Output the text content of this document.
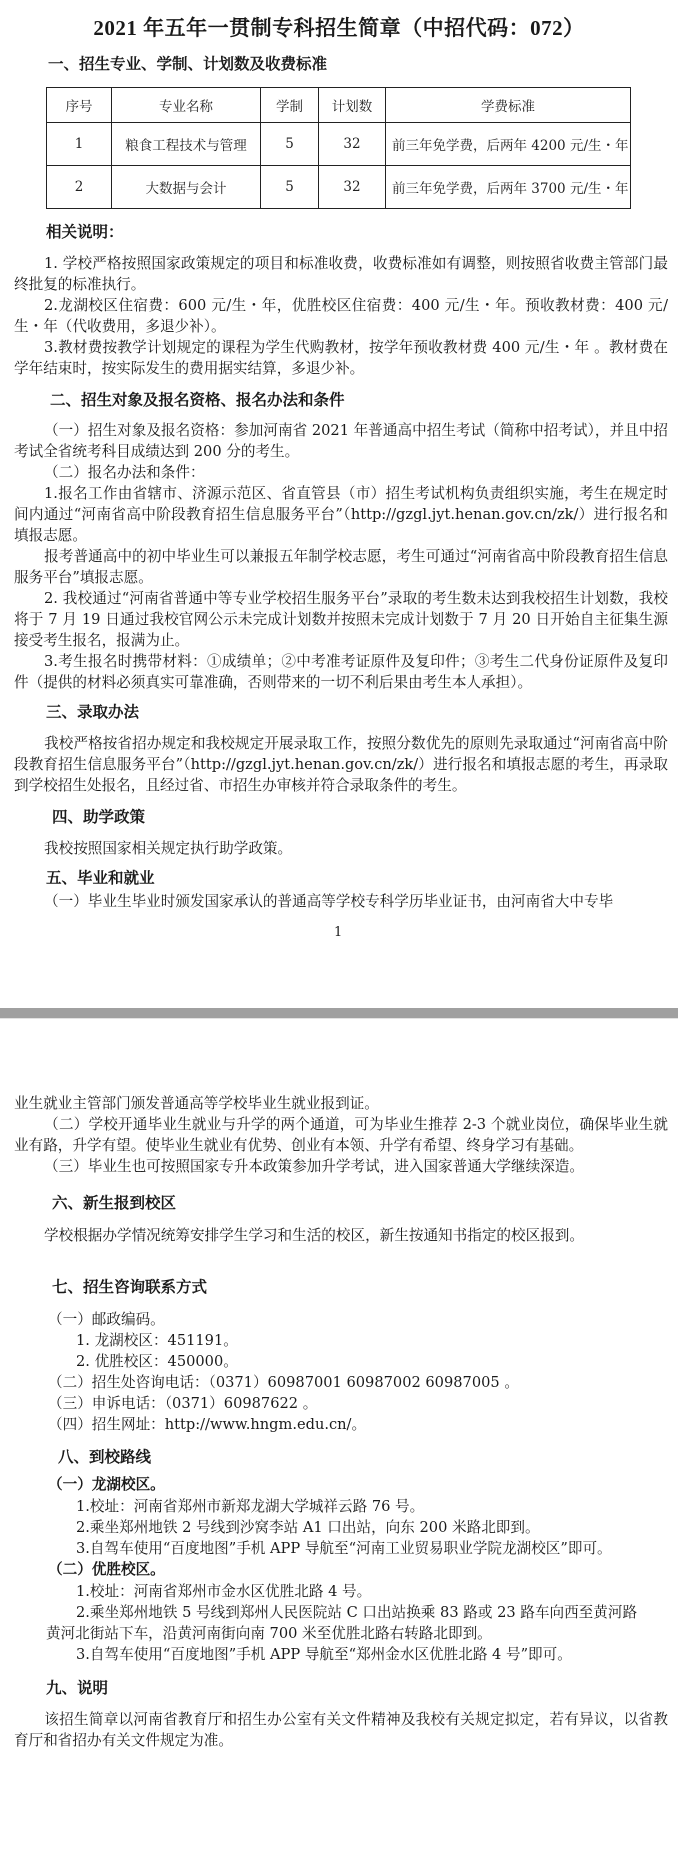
2021 年五年一贯制专科招生简章（中招代码：072）
一、招生专业、学制、计划数及收费标准
序号	专业名称	学制	计划数	学费标准
1	粮食工程技术与管理	5	32	前三年免学费，后两年 4200 元/生・年
2	大数据与会计	5	32	前三年免学费，后两年 3700 元/生・年
相关说明：
1. 学校严格按照国家政策规定的项目和标准收费，收费标准如有调整，则按照省收费主管部门最终批复的标准执行。
2.龙湖校区住宿费：600 元/生・年，优胜校区住宿费：400 元/生・年。预收教材费：400 元/生・年（代收费用，多退少补）。
3.教材费按教学计划规定的课程为学生代购教材，按学年预收教材费 400 元/生・年 。教材费在学年结束时，按实际发生的费用据实结算，多退少补。
二、招生对象及报名资格、报名办法和条件
（一）招生对象及报名资格：参加河南省 2021 年普通高中招生考试（简称中招考试），并且中招考试全省统考科目成绩达到 200 分的考生。
（二）报名办法和条件：
1.报名工作由省辖市、济源示范区、省直管县（市）招生考试机构负责组织实施，考生在规定时间内通过“河南省高中阶段教育招生信息服务平台”（http://gzgl.jyt.henan.gov.cn/zk/）进行报名和填报志愿。
报考普通高中的初中毕业生可以兼报五年制学校志愿，考生可通过“河南省高中阶段教育招生信息服务平台”填报志愿。
2. 我校通过“河南省普通中等专业学校招生服务平台”录取的考生数未达到我校招生计划数，我校将于 7 月 19 日通过我校官网公示未完成计划数并按照未完成计划数于 7 月 20 日开始自主征集生源接受考生报名，报满为止。
3.考生报名时携带材料：①成绩单；②中考准考证原件及复印件；③考生二代身份证原件及复印件（提供的材料必须真实可靠准确，否则带来的一切不利后果由考生本人承担）。
三、录取办法
我校严格按省招办规定和我校规定开展录取工作，按照分数优先的原则先录取通过“河南省高中阶段教育招生信息服务平台”（http://gzgl.jyt.henan.gov.cn/zk/）进行报名和填报志愿的考生，再录取到学校招生处报名，且经过省、市招生办审核并符合录取条件的考生。
四、助学政策
我校按照国家相关规定执行助学政策。
五、毕业和就业
（一）毕业生毕业时颁发国家承认的普通高等学校专科学历毕业证书，由河南省大中专毕
1
业生就业主管部门颁发普通高等学校毕业生就业报到证。
（二）学校开通毕业生就业与升学的两个通道，可为毕业生推荐 2-3 个就业岗位，确保毕业生就业有路，升学有望。使毕业生就业有优势、创业有本领、升学有希望、终身学习有基础。
（三）毕业生也可按照国家专升本政策参加升学考试，进入国家普通大学继续深造。
六、新生报到校区
学校根据办学情况统筹安排学生学习和生活的校区，新生按通知书指定的校区报到。
七、招生咨询联系方式
（一）邮政编码。
1. 龙湖校区：451191。
2. 优胜校区：450000。
（二）招生处咨询电话：（0371）60987001 60987002 60987005 。
（三）申诉电话：（0371）60987622 。
（四）招生网址：http://www.hngm.edu.cn/。
八、到校路线
（一）龙湖校区。
1.校址：河南省郑州市新郑龙湖大学城祥云路 76 号。
2.乘坐郑州地铁 2 号线到沙窝李站 A1 口出站，向东 200 米路北即到。
3.自驾车使用“百度地图”手机 APP 导航至“河南工业贸易职业学院龙湖校区”即可。
（二）优胜校区。
1.校址：河南省郑州市金水区优胜北路 4 号。
2.乘坐郑州地铁 5 号线到郑州人民医院站 C 口出站换乘 83 路或 23 路车向西至黄河路
黄河北街站下车，沿黄河南街向南 700 米至优胜北路右转路北即到。
3.自驾车使用“百度地图”手机 APP 导航至“郑州金水区优胜北路 4 号”即可。
九、说明
该招生简章以河南省教育厅和招生办公室有关文件精神及我校有关规定拟定，若有异议，以省教育厅和省招办有关文件规定为准。
